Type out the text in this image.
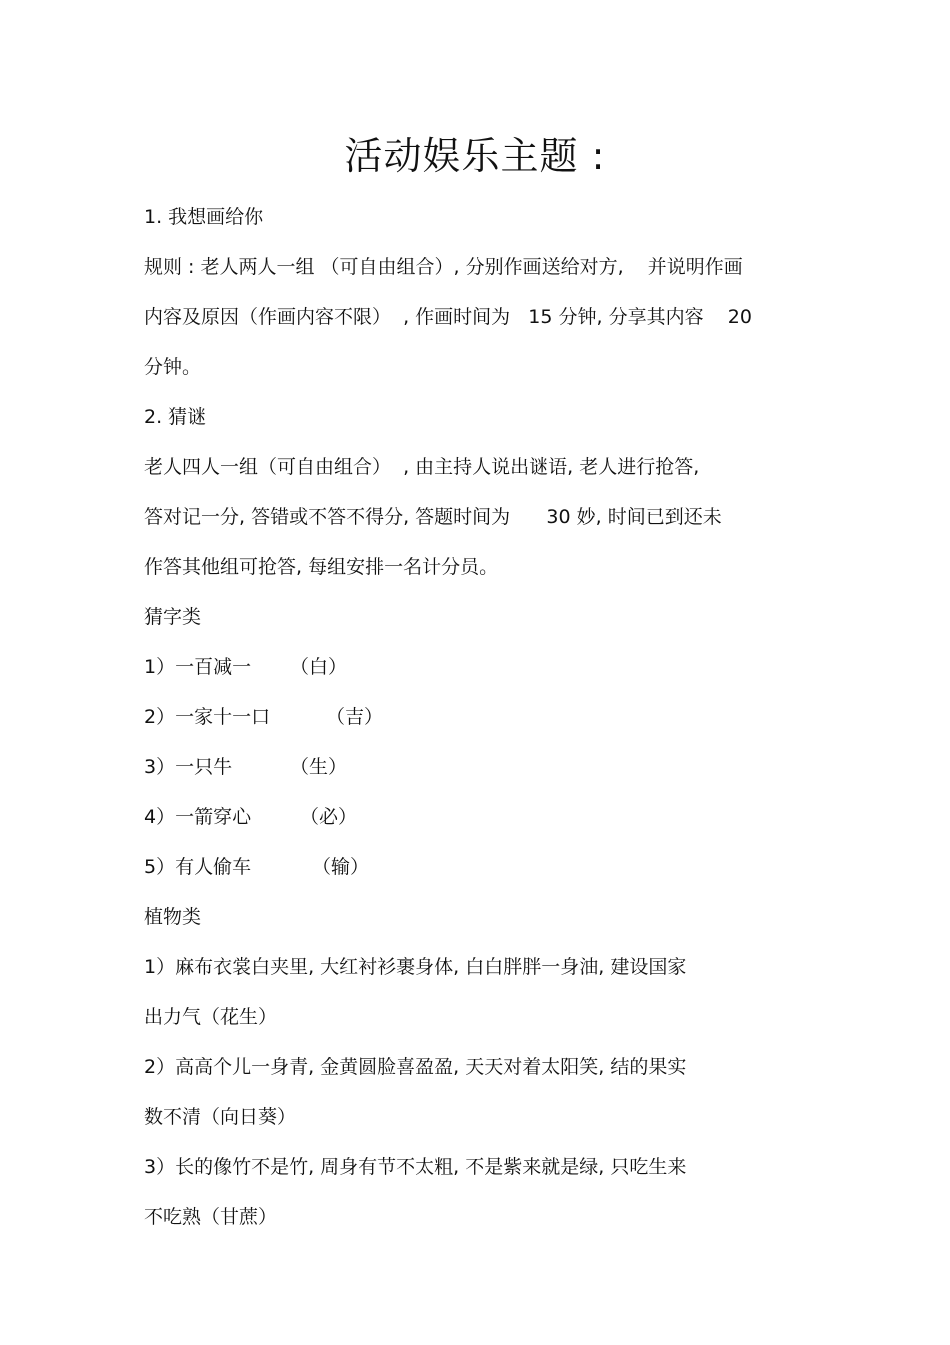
活动娱乐主题 :
1. 我想画给你
规则 : 老人两人一组 （可自由组合）, 分别作画送给对方,    并说明作画
内容及原因（作画内容不限）  , 作画时间为   15 分钟, 分享其内容    20
分钟。
2. 猜谜
老人四人一组（可自由组合）  , 由主持人说出谜语, 老人进行抢答,
答对记一分, 答错或不答不得分, 答题时间为      30 妙, 时间已到还未
作答其他组可抢答, 每组安排一名计分员。
猜字类

1）一百减一

（白）

2）一家十一口

	（吉）

3）一只牛

	（生）

4）一箭穿心

	（必）

5）有人偷车

	（输）

植物类
1）麻布衣裳白夹里, 大红衬衫裹身体, 白白胖胖一身油, 建设国家
出力气（花生）
2）高高个儿一身青, 金黄圆脸喜盈盈, 天天对着太阳笑, 结的果实
数不清（向日葵）
3）长的像竹不是竹, 周身有节不太粗, 不是紫来就是绿, 只吃生来
不吃熟（甘蔗）
